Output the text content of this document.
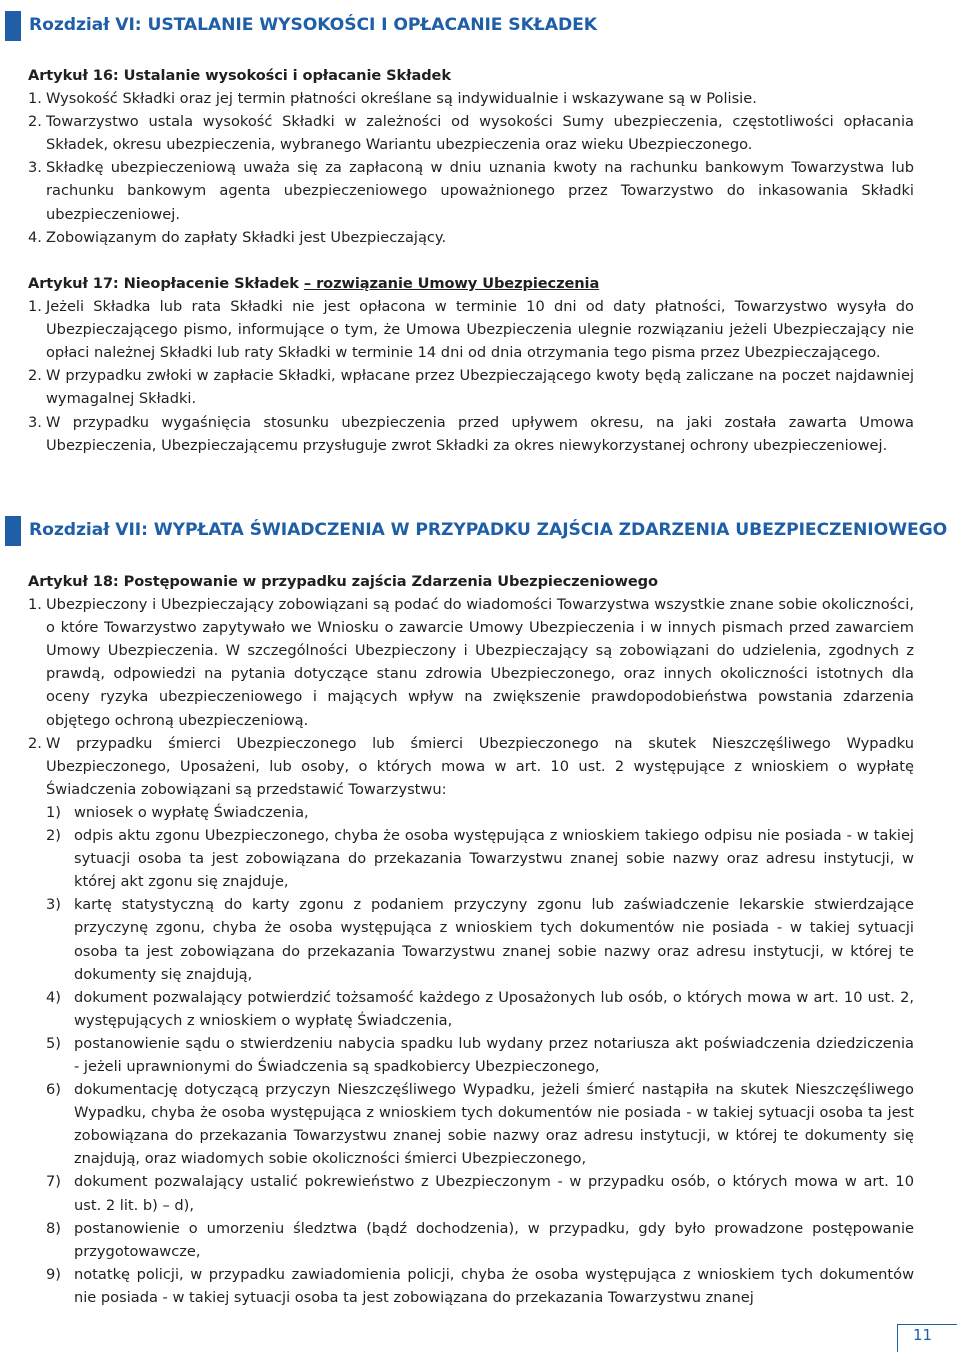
Rozdział VI: USTALANIE WYSOKOŚCI I OPŁACANIE SKŁADEK

Artykuł 16: Ustalanie wysokości i opłacanie Składek

1. Wysokość Składki oraz jej termin płatności określane są indywidualnie i wskazywane są w Polisie.

2. Towarzystwo ustala wysokość Składki w zależności od wysokości Sumy ubezpieczenia, częstotliwości opłacania Składek, okresu ubezpieczenia, wybranego Wariantu ubezpieczenia oraz wieku Ubezpieczonego.

3. Składkę ubezpieczeniową uważa się za zapłaconą w dniu uznania kwoty na rachunku bankowym Towarzystwa lub rachunku bankowym agenta ubezpieczeniowego upoważnionego przez Towarzystwo do inkasowania Składki ubezpieczeniowej.

4. Zobowiązanym do zapłaty Składki jest Ubezpieczający.

Artykuł 17: Nieopłacenie Składek – rozwiązanie Umowy Ubezpieczenia

1. Jeżeli Składka lub rata Składki nie jest opłacona w terminie 10 dni od daty płatności, Towarzystwo wysyła do Ubezpieczającego pismo, informujące o tym, że Umowa Ubezpieczenia ulegnie rozwiązaniu jeżeli Ubezpieczający nie opłaci należnej Składki lub raty Składki w terminie 14 dni od dnia otrzymania tego pisma przez Ubezpieczającego.

2. W przypadku zwłoki w zapłacie Składki, wpłacane przez Ubezpieczającego kwoty będą zaliczane na poczet najdawniej wymagalnej Składki.

3. W przypadku wygaśnięcia stosunku ubezpieczenia przed upływem okresu, na jaki została zawarta Umowa Ubezpieczenia, Ubezpieczającemu przysługuje zwrot Składki za okres niewykorzystanej ochrony ubezpieczeniowej.

Rozdział VII: WYPŁATA ŚWIADCZENIA W PRZYPADKU ZAJŚCIA ZDARZENIA UBEZPIECZENIOWEGO

Artykuł 18: Postępowanie w przypadku zajścia Zdarzenia Ubezpieczeniowego

1. Ubezpieczony i Ubezpieczający zobowiązani są podać do wiadomości Towarzystwa wszystkie znane sobie okoliczności, o które Towarzystwo zapytywało we Wniosku o zawarcie Umowy Ubezpieczenia i w innych pismach przed zawarciem Umowy Ubezpieczenia. W szczególności Ubezpieczony i Ubezpieczający są zobowiązani do udzielenia, zgodnych z prawdą, odpowiedzi na pytania dotyczące stanu zdrowia Ubezpieczonego, oraz innych okoliczności istotnych dla oceny ryzyka ubezpieczeniowego i mających wpływ na zwiększenie prawdopodobieństwa powstania zdarzenia objętego ochroną ubezpieczeniową.

2. W przypadku śmierci Ubezpieczonego lub śmierci Ubezpieczonego na skutek Nieszczęśliwego Wypadku Ubezpieczonego, Uposażeni, lub osoby, o których mowa w art. 10 ust. 2 występujące z wnioskiem o wypłatę Świadczenia zobowiązani są przedstawić Towarzystwu:

1) wniosek o wypłatę Świadczenia,

2) odpis aktu zgonu Ubezpieczonego, chyba że osoba występująca z wnioskiem takiego odpisu nie posiada - w takiej sytuacji osoba ta jest zobowiązana do przekazania Towarzystwu znanej sobie nazwy oraz adresu instytucji, w której akt zgonu się znajduje,

3) kartę statystyczną do karty zgonu z podaniem przyczyny zgonu lub zaświadczenie lekarskie stwierdzające przyczynę zgonu, chyba że osoba występująca z wnioskiem tych dokumentów nie posiada - w takiej sytuacji osoba ta jest zobowiązana do przekazania Towarzystwu znanej sobie nazwy oraz adresu instytucji, w której te dokumenty się znajdują,

4) dokument pozwalający potwierdzić tożsamość każdego z Uposażonych lub osób, o których mowa w art. 10 ust. 2, występujących z wnioskiem o wypłatę Świadczenia,

5) postanowienie sądu o stwierdzeniu nabycia spadku lub wydany przez notariusza akt poświadczenia dziedziczenia - jeżeli uprawnionymi do Świadczenia są spadkobiercy Ubezpieczonego,

6) dokumentację dotyczącą przyczyn Nieszczęśliwego Wypadku, jeżeli śmierć nastąpiła na skutek Nieszczęśliwego Wypadku, chyba że osoba występująca z wnioskiem tych dokumentów nie posiada - w takiej sytuacji osoba ta jest zobowiązana do przekazania Towarzystwu znanej sobie nazwy oraz adresu instytucji, w której te dokumenty się znajdują, oraz wiadomych sobie okoliczności śmierci Ubezpieczonego,

7) dokument pozwalający ustalić pokrewieństwo z Ubezpieczonym - w przypadku osób, o których mowa w art. 10 ust. 2 lit. b) – d),

8) postanowienie o umorzeniu śledztwa (bądź dochodzenia), w przypadku, gdy było prowadzone postępowanie przygotowawcze,

9) notatkę policji, w przypadku zawiadomienia policji, chyba że osoba występująca z wnioskiem tych dokumentów nie posiada - w takiej sytuacji osoba ta jest zobowiązana do przekazania Towarzystwu znanej

11
